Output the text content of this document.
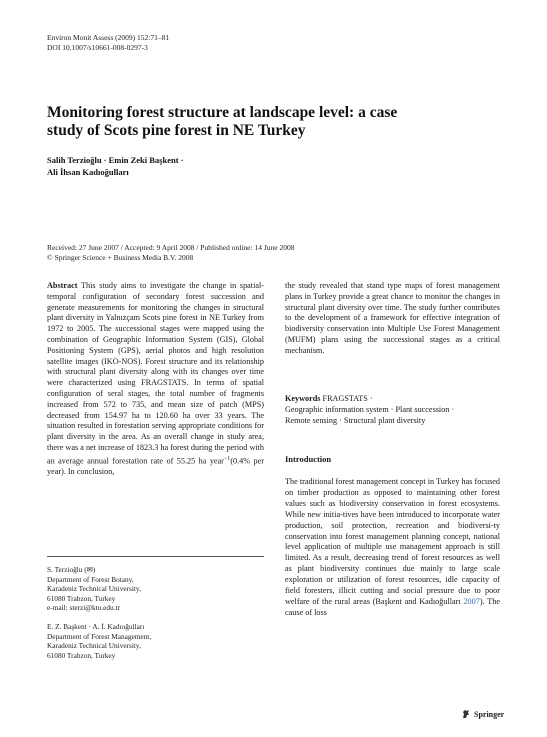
Environ Monit Assess (2009) 152:71–81
DOI 10.1007/s10661-008-0297-3
Monitoring forest structure at landscape level: a case
study of Scots pine forest in NE Turkey
Salih Terzioğlu · Emin Zeki Başkent ·
Ali İhsan Kadıoğulları
Received: 27 June 2007 / Accepted: 9 April 2008 / Published online: 14 June 2008
© Springer Science + Business Media B.V. 2008
Abstract This study aims to investigate the change in spatial-temporal configuration of secondary forest succession and generate measurements for monitoring the changes in structural plant diversity in Yalnızçam Scots pine forest in NE Turkey from 1972 to 2005. The successional stages were mapped using the combination of Geographic Information System (GIS), Global Positioning System (GPS), aerial photos and high resolution satellite images (IKO-NOS). Forest structure and its relationship with structural plant diversity along with its changes over time were characterized using FRAGSTATS. In terms of spatial configuration of seral stages, the total number of fragments increased from 572 to 735, and mean size of patch (MPS) decreased from 154.97 ha to 120.60 ha over 33 years. The situation resulted in forestation serving appropriate conditions for plant diversity in the area. As an overall change in study area, there was a net increase of 1823.3 ha forest during the period with an average annual forestation rate of 55.25 ha year$^{-1}$(0.4% per year). In conclusion,
S. Terzioğlu (✉)
Department of Forest Botany,
Karadeniz Technical University,
61080 Trabzon, Turkey
e-mail: sterzi@ktu.edu.tr
E. Z. Başkent · A. İ. Kadıoğulları
Department of Forest Management,
Karadeniz Technical University,
61080 Trabzon, Turkey
the study revealed that stand type maps of forest management plans in Turkey provide a great chance to monitor the changes in structural plant diversity over time. The study further contributes to the development of a framework for effective integration of biodiversity conservation into Multiple Use Forest Management (MUFM) plans using the successional stages as a critical mechanism.
Keywords FRAGSTATS ·
Geographic information system · Plant succession ·
Remote sensing · Structural plant diversity
Introduction
The traditional forest management concept in Turkey has focused on timber production as opposed to maintaining other forest values such as biodiversity conservation in forest ecosystems. While new initia-tives have been introduced to incorporate water production, soil protection, recreation and biodiversi-ty conservation into forest management planning concept, national level application of multiple use management approach is still limited. As a result, decreasing trend of forest resources as well as plant biodiversity continues due mainly to large scale exploration or utilization of forest resources, idle capacity of field foresters, illicit cutting and social pressure due to poor welfare of the rural areas (Başkent and Kadıoğulları 2007). The cause of loss
Springer
